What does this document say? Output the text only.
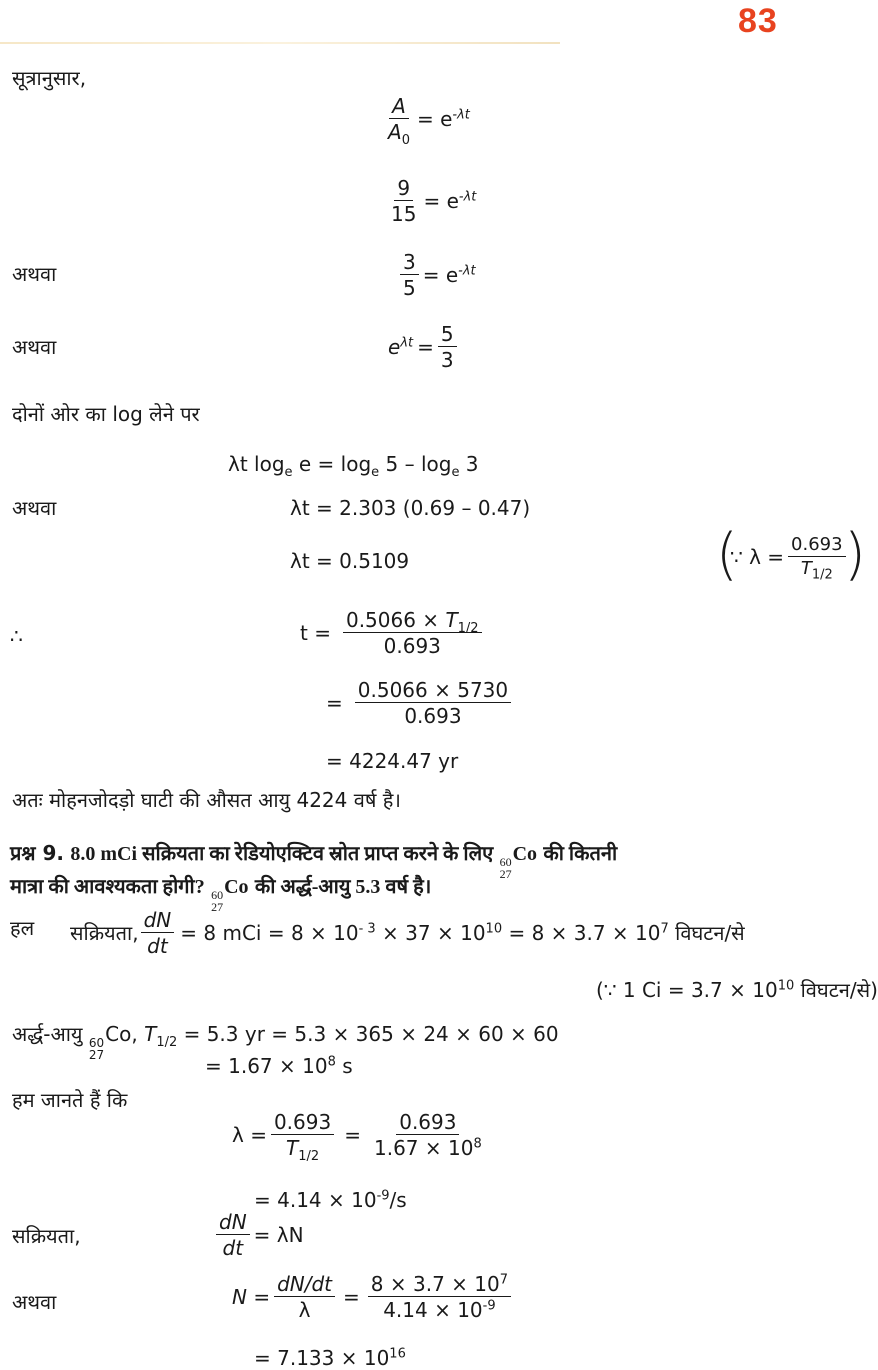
83
सूत्रानुसार,
$\frac{A}{A_0} = e^{-\lambda t}$
$\frac{9}{15} = e^{-\lambda t}$
अथवा	$\frac{3}{5} = e^{-\lambda t}$
अथवा	$e^{\lambda t} = \frac{5}{3}$
दोनों ओर का log लेने पर
λt $\log_e e = \log_e 5 - \log_e 3$
अथवा	λt = 2.303 (0.69 – 0.47)
λt = 0.5109	(
∵ $\lambda = \frac{0.693}{T_{1/2}}$
)
∴	$t = \frac{0.5066 \times T_{1/2}}{0.693}$
= $\frac{0.5066 \times 5730}{0.693}$
= 4224.47 yr
अतः मोहनजोदड़ो घाटी की औसत आयु 4224 वर्ष है।
प्रश्न 9. 8.0 mCi सक्रियता का रेडियोएक्टिव स्रोत प्राप्त करने के लिए 60
27
Co की कितनी
मात्रा की आवश्यकता होगी? 60
27
Co की अर्द्ध-आयु 5.3 वर्ष है।
हल सक्रियता, $\frac{dN}{dt} = 8$ mCi = $8 \times 10^{- 3} \times 37 \times 10^{10} = 8 \times 3.7 \times 10^7$ विघटन/से
(∵ 1 $Ci = 3.7 \times 10^{10}$ विघटन/से)
अर्द्ध-आयु 60
27
Co, $T_{1/2} = 5.3$ yr = 5.3 × 365 × 24 × 60 × 60
= $1.67 \times 10^8$ s
हम जानते हैं कि
$\lambda = \frac{0.693}{T_{1/2}} = \frac{0.693}{1.67 \times 10^8}$
= $4.14 \times 10^{-9}/s$
सक्रियता,	$\frac{dN}{dt} = \lambda N$
अथवा	$N = \frac{dN/dt}{\lambda} = \frac{8 \times 3.7 \times 10^7}{4.14 \times 10^{-9}}$
= $7.133 \times 10^{16}$
